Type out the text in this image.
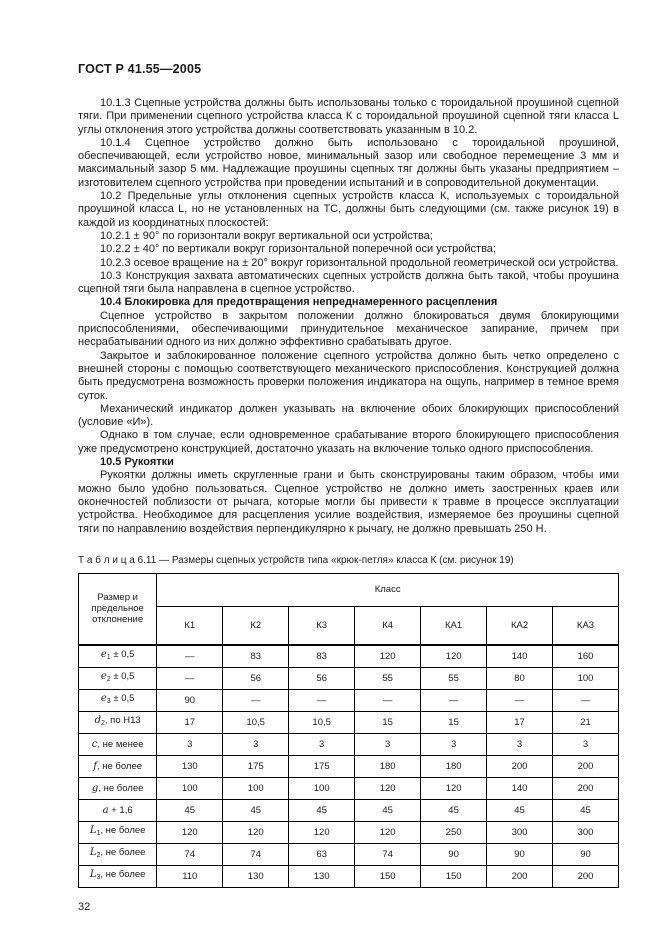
ГОСТ Р 41.55—2005

10.1.3 Сцепные устройства должны быть использованы только с тороидальной проушиной сцепной тяги. При применении сцепного устройства класса К с тороидальной проушиной сцепной тяги класса L углы отклонения этого устройства должны соответствовать указанным в 10.2.

10.1.4 Сцепное устройство должно быть использовано с тороидальной проушиной, обеспечивающей, если устройство новое, минимальный зазор или свободное перемещение 3 мм и максимальный зазор 5 мм. Надлежащие проушины сцепных тяг должны быть указаны предприятием – изготовителем сцепного устройства при проведении испытаний и в сопроводительной документации.

10.2 Предельные углы отклонения сцепных устройств класса К, используемых с тороидальной проушиной класса L, но не установленных на ТС, должны быть следующими (см. также рисунок 19) в каждой из координатных плоскостей:

10.2.1 ± 90° по горизонтали вокруг вертикальной оси устройства;

10.2.2 ± 40° по вертикали вокруг горизонтальной поперечной оси устройства;

10.2.3 осевое вращение на ± 20° вокруг горизонтальной продольной геометрической оси устройства.

10.3 Конструкция захвата автоматических сцепных устройств должна быть такой, чтобы проушина сцепной тяги была направлена в сцепное устройство.

10.4 Блокировка для предотвращения непреднамеренного расцепления

Сцепное устройство в закрытом положении должно блокироваться двумя блокирующими приспособлениями, обеспечивающими принудительное механическое запирание, причем при несрабатывании одного из них должно эффективно срабатывать другое.

Закрытое и заблокированное положение сцепного устройства должно быть четко определено с внешней стороны с помощью соответствующего механического приспособления. Конструкцией должна быть предусмотрена возможность проверки положения индикатора на ощупь, например в темное время суток.

Механический индикатор должен указывать на включение обоих блокирующих приспособлений (условие «И»).

Однако в том случае, если одновременное срабатывание второго блокирующего приспособления уже предусмотрено конструкцией, достаточно указать на включение только одного приспособления.

10.5 Рукоятки

Рукоятки должны иметь скругленные грани и быть сконструированы таким образом, чтобы ими можно было удобно пользоваться. Сцепное устройство не должно иметь заостренных краев или оконечностей поблизости от рычага, которые могли бы привести к травме в процессе эксплуатации устройства. Необходимое для расцепления усилие воздействия, измеряемое без проушины сцепной тяги по направлению воздействия перпендикулярно к рычагу, не должно превышать 250 Н.

Т а б л и ц а 6.11 — Размеры сцепных устройств типа «крюк-петля» класса К (см. рисунок 19)
Размер и предельное отклонение	Класс						
	К1	К2	К3	К4	КА1	КА2	КА3
$e_1 \pm 0,5$	—	83	83	120	120	140	160
$e_2 \pm 0,5$	—	56	56	55	55	80	100
$e_3 \pm 0,5$	90	—	—	—	—	—	—
$d_2$, по Н13	17	10,5	10,5	15	15	17	21
c, не менее	3	3	3	3	3	3	3
f, не более	130	175	175	180	180	200	200
g, не более	100	100	100	120	120	140	200
a + 1,6	45	45	45	45	45	45	45
$L_1$, не более	120	120	120	120	250	300	300
$L_2$, не более	74	74	63	74	90	90	90
$L_3$, не более	110	130	130	150	150	200	200
32
